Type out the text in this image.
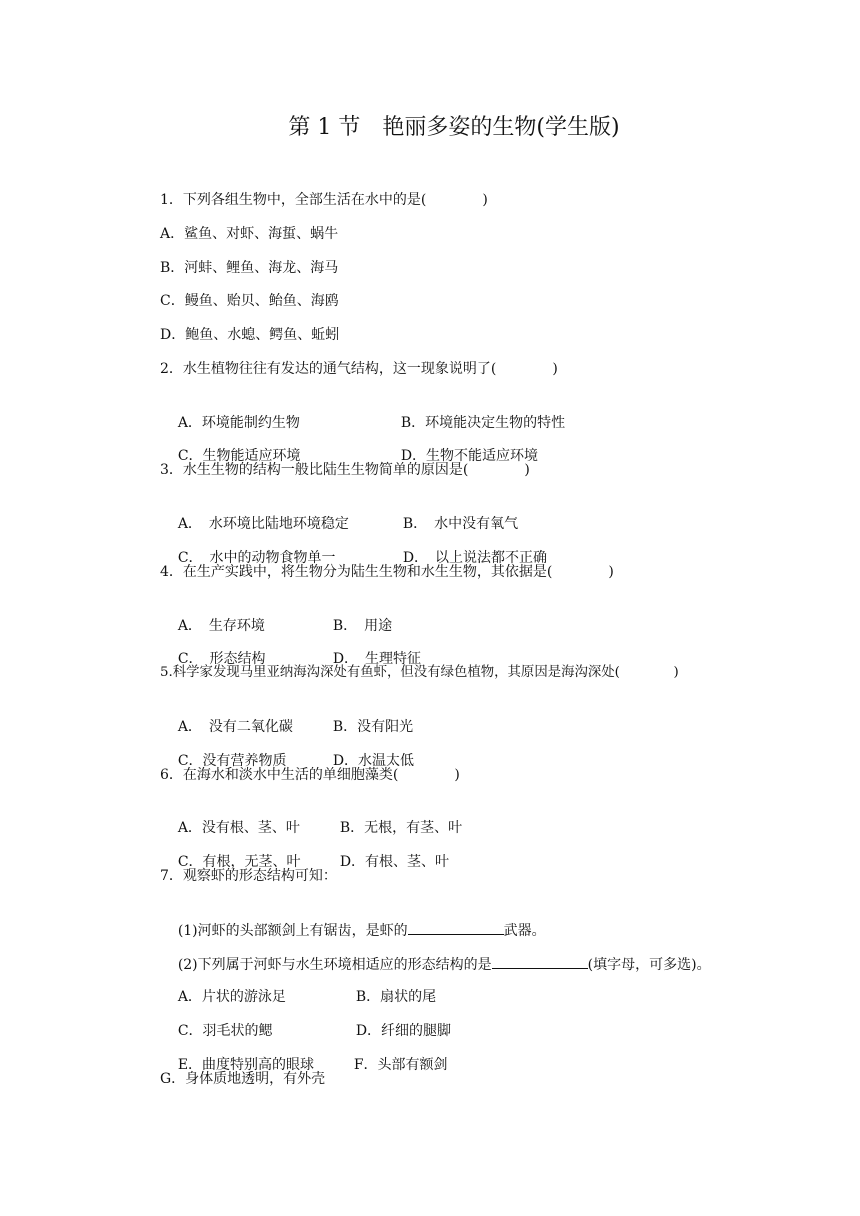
第 1 节　艳丽多姿的生物(学生版)
1．下列各组生物中，全部生活在水中的是(　　　　)
A．鲨鱼、对虾、海蜇、蜗牛
B．河蚌、鲤鱼、海龙、海马
C．鳗鱼、贻贝、鲐鱼、海鸥
D．鲍鱼、水螅、鳄鱼、蚯蚓
2．水生植物往往有发达的通气结构，这一现象说明了(　　　　)

A．环境能制约生物	B．环境能决定生物的特性

C．生物能适应环境	D．生物不能适应环境

3．水生生物的结构一般比陆生生物简单的原因是(　　　　)

A．　水环境比陆地环境稳定	B．　水中没有氧气

C．　水中的动物食物单一	D．　以上说法都不正确

4．在生产实践中，将生物分为陆生生物和水生生物，其依据是(　　　　)

A．　生存环境	B．　用途

C．　形态结构	D．　生理特征

5.科学家发现马里亚纳海沟深处有鱼虾，但没有绿色植物，其原因是海沟深处(　　　　)

A．　没有二氧化碳	B．没有阳光

C．没有营养物质	D．水温太低

6．在海水和淡水中生活的单细胞藻类(　　　　)

A．没有根、茎、叶	B．无根，有茎、叶

C．有根，无茎、叶	D．有根、茎、叶

7．观察虾的形态结构可知：

(1)河虾的头部额剑上有锯齿，是虾的	武器。

(2)下列属于河虾与水生环境相适应的形态结构的是	(填字母，可多选)。

A．片状的游泳足	B．扇状的尾

C．羽毛状的鳃	D．纤细的腿脚

E．曲度特别高的眼球	F．头部有额剑

G．身体质地透明，有外壳
